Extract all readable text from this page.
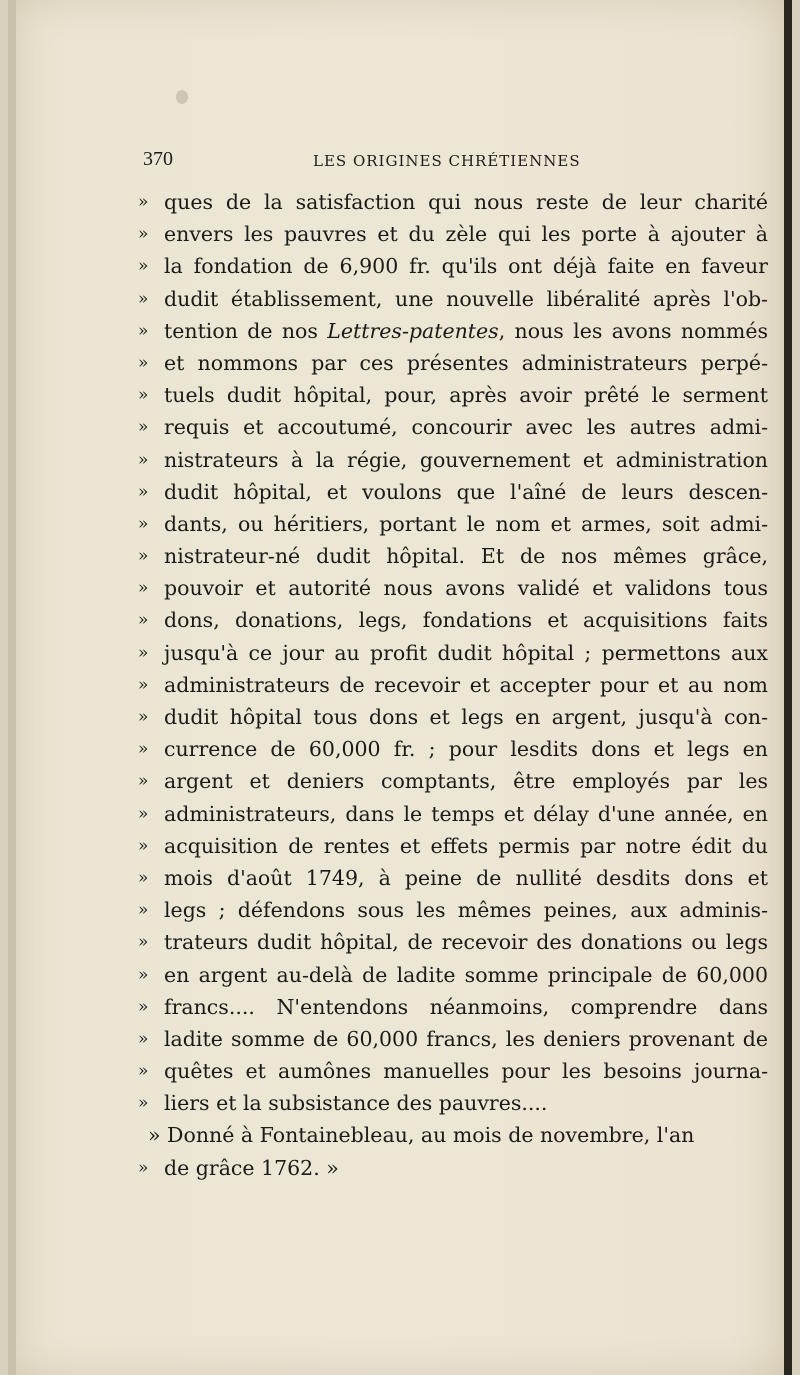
370	LES ORIGINES CHRÉTIENNES
» ques de la satisfaction qui nous reste de leur charité
» envers les pauvres et du zèle qui les porte à ajouter à
» la fondation de 6,900 fr. qu'ils ont déjà faite en faveur
» dudit établissement, une nouvelle libéralité après l'ob-
» tention de nos Lettres-patentes, nous les avons nommés
» et nommons par ces présentes administrateurs perpé-
» tuels dudit hôpital, pour, après avoir prêté le serment
» requis et accoutumé, concourir avec les autres admi-
» nistrateurs à la régie, gouvernement et administration
» dudit hôpital, et voulons que l'aîné de leurs descen-
» dants, ou héritiers, portant le nom et armes, soit admi-
» nistrateur-né dudit hôpital. Et de nos mêmes grâce,
» pouvoir et autorité nous avons validé et validons tous
» dons, donations, legs, fondations et acquisitions faits
» jusqu'à ce jour au profit dudit hôpital ; permettons aux
» administrateurs de recevoir et accepter pour et au nom
» dudit hôpital tous dons et legs en argent, jusqu'à con-
» currence de 60,000 fr. ; pour lesdits dons et legs en
» argent et deniers comptants, être employés par les
» administrateurs, dans le temps et délay d'une année, en
» acquisition de rentes et effets permis par notre édit du
» mois d'août 1749, à peine de nullité desdits dons et
» legs ; défendons sous les mêmes peines, aux adminis-
» trateurs dudit hôpital, de recevoir des donations ou legs
» en argent au-delà de ladite somme principale de 60,000
» francs.... N'entendons néanmoins, comprendre dans
» ladite somme de 60,000 francs, les deniers provenant de
» quêtes et aumônes manuelles pour les besoins journa-
» liers et la subsistance des pauvres....
» Donné à Fontainebleau, au mois de novembre, l'an
» de grâce 1762. »
